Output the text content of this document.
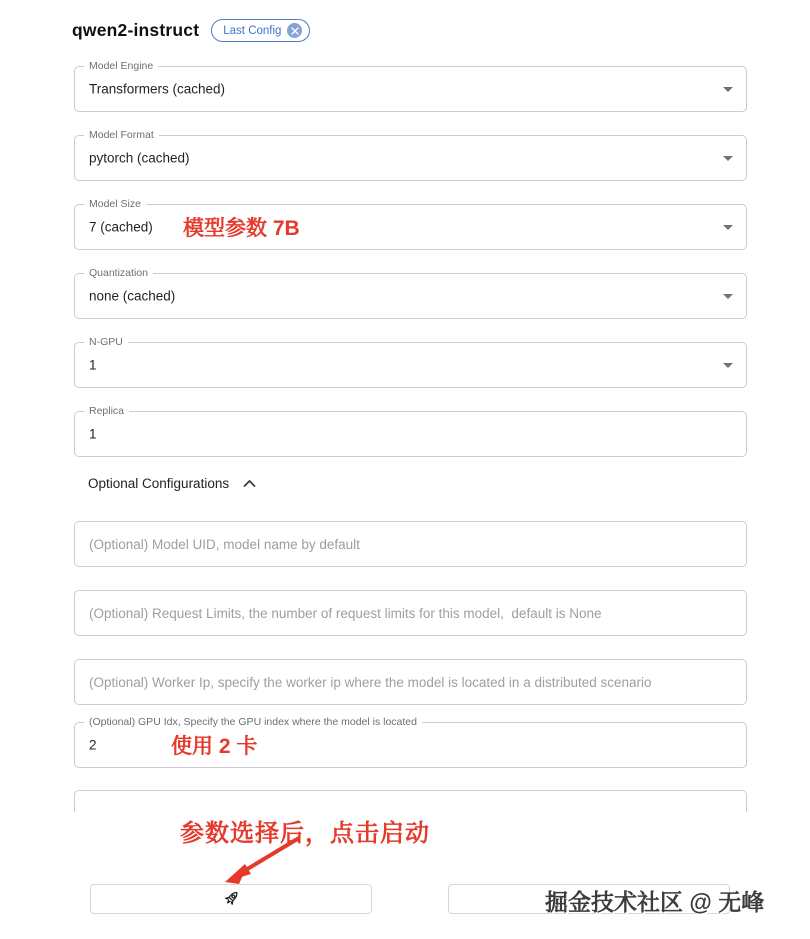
qwen2-instruct Last Config
Model Engine
Transformers (cached)
Model Format
pytorch (cached)
Model Size
7 (cached) 模型参数 7B
Quantization
none (cached)
N-GPU
1
Replica
1
Optional Configurations
(Optional) Model UID, model name by default
(Optional) Request Limits, the number of request limits for this model, default is None
(Optional) Worker Ip, specify the worker ip where the model is located in a distributed scenario
(Optional) GPU Idx, Specify the GPU index where the model is located
2	使用 2 卡
参数选择后，点击启动
掘金技术社区 @ 无峰
